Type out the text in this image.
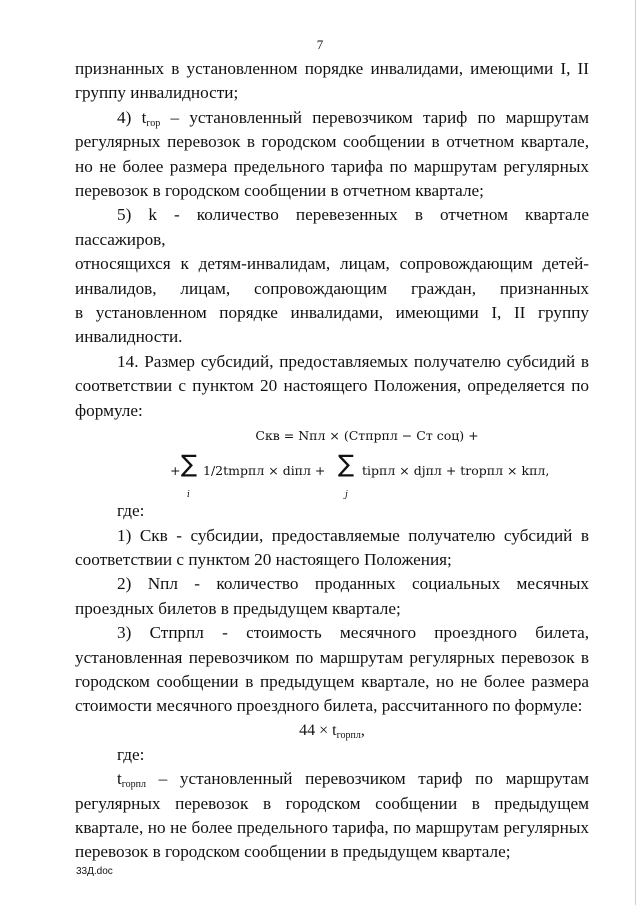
7

признанных в установленном порядке инвалидами, имеющими I, II группу инвалидности;

4) $t_{гор}$ – установленный перевозчиком тариф по маршрутам регулярных перевозок в городском сообщении в отчетном квартале, но не более размера предельного тарифа по маршрутам регулярных перевозок в городском сообщении в отчетном квартале;

5) k - количество перевезенных в отчетном квартале пассажиров,

относящихся к детям-инвалидам, лицам, сопровождающим детей-

инвалидов, лицам, сопровождающим граждан, признанных

в установленном порядке инвалидами, имеющими I, II группу

инвалидности.

14. Размер субсидий, предоставляемых получателю субсидий в соответствии с пунктом 20 настоящего Положения, определяется по формуле:

Скв = Nпл × (Стпрпл − Ст соц) +
+ ∑
i
1/2tmрпл × diпл + ∑
j
tiрпл × djпл + trорпл × kпл,

где:

1) Скв - субсидии, предоставляемые получателю субсидий в соответствии с пунктом 20 настоящего Положения;

2) Nпл - количество проданных социальных месячных проездных билетов в предыдущем квартале;

3) Стпрпл - стоимость месячного проездного билета, установленная перевозчиком по маршрутам регулярных перевозок в городском сообщении в предыдущем квартале, но не более размера стоимости месячного проездного билета, рассчитанного по формуле:

$44 \times t_{горпл}$,

где:

$t_{горпл}$ – установленный перевозчиком тариф по маршрутам регулярных перевозок в городском сообщении в предыдущем квартале, но не более предельного тарифа, по маршрутам регулярных перевозок в городском сообщении в предыдущем квартале;

33Д.doc
